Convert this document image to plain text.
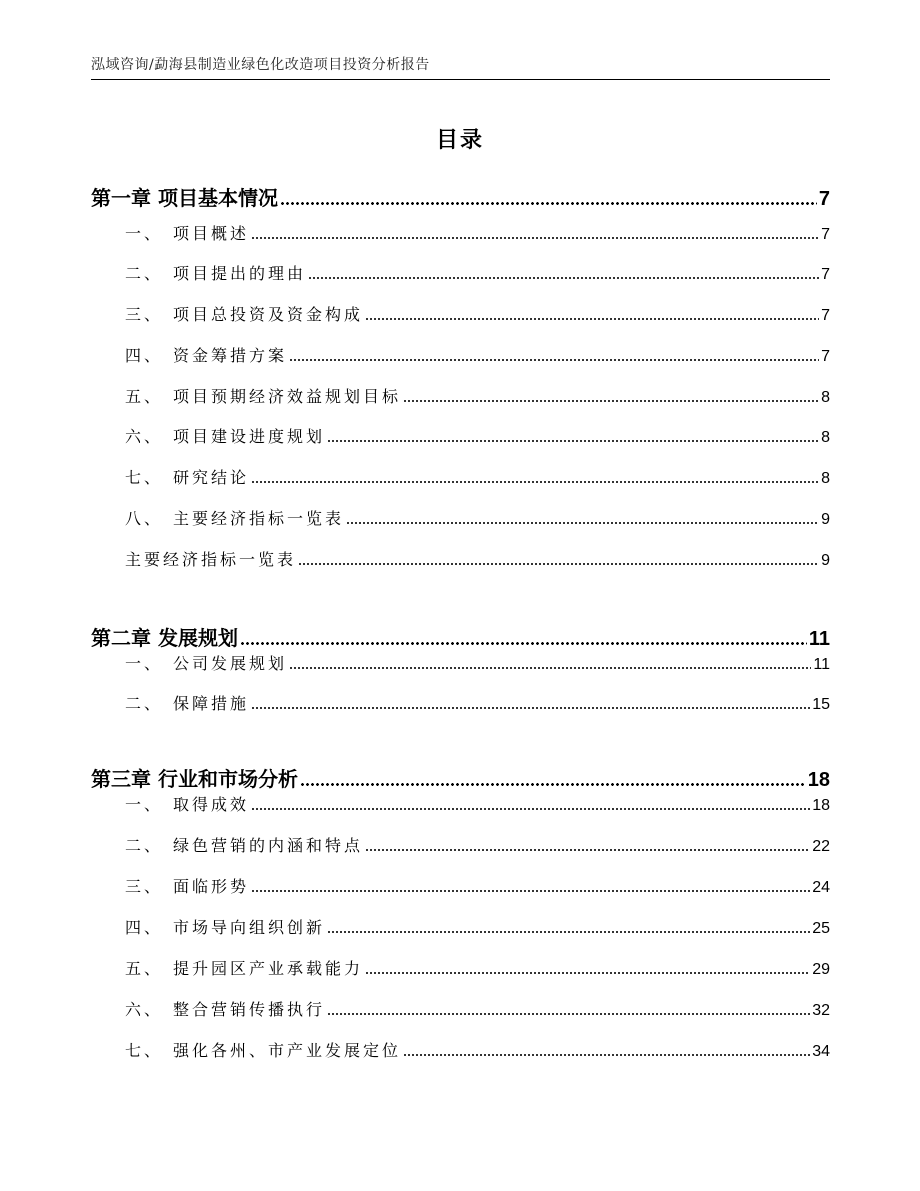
泓域咨询/勐海县制造业绿色化改造项目投资分析报告
目录
第一章 项目基本情况	7
一、 项目概述	7
二、 项目提出的理由	7
三、 项目总投资及资金构成	7
四、 资金筹措方案	7
五、 项目预期经济效益规划目标	8
六、 项目建设进度规划	8
七、 研究结论	8
八、 主要经济指标一览表	9
主要经济指标一览表	9
第二章 发展规划	11
一、 公司发展规划	11
二、 保障措施	15
第三章 行业和市场分析	18
一、 取得成效	18
二、 绿色营销的内涵和特点	22
三、 面临形势	24
四、 市场导向组织创新	25
五、 提升园区产业承载能力	29
六、 整合营销传播执行	32
七、 强化各州、市产业发展定位	34
